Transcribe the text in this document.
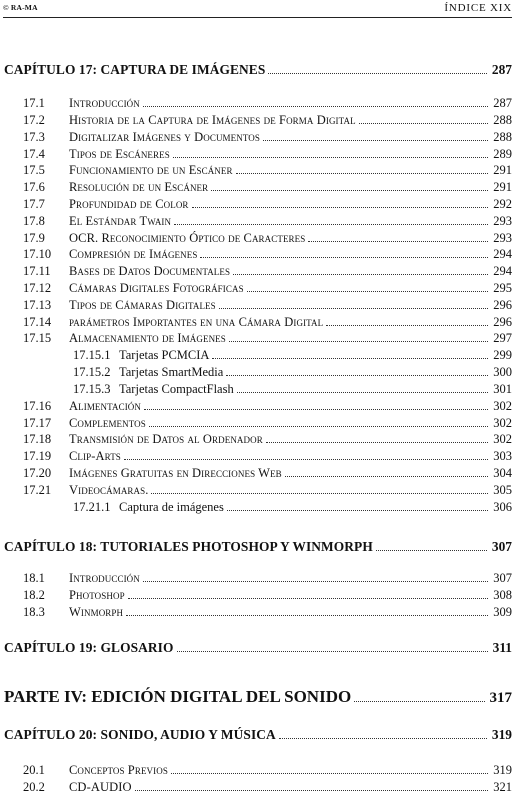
© RA-MA	ÍNDICE XIX
CAPÍTULO 17: CAPTURA DE IMÁGENES	287
17.1	Introducción	287
17.2	Historia de la Captura de Imágenes de Forma Digital	288
17.3	Digitalizar Imágenes y Documentos	288
17.4	Tipos de Escáneres	289
17.5	Funcionamiento de un Escáner	291
17.6	Resolución de un Escáner	291
17.7	Profundidad de Color	292
17.8	El Estándar Twain	293
17.9	OCR. Reconocimiento Óptico de Caracteres	293
17.10	Compresión de Imágenes	294
17.11	Bases de Datos Documentales	294
17.12	Cámaras Digitales Fotográficas	295
17.13	Tipos de Cámaras Digitales	296
17.14	parámetros Importantes en una Cámara Digital	296
17.15	Almacenamiento de Imágenes	297
17.15.1 Tarjetas PCMCIA	299
17.15.2 Tarjetas SmartMedia	300
17.15.3 Tarjetas CompactFlash	301
17.16	Alimentación	302
17.17	Complementos	302
17.18	Transmisión de Datos al Ordenador	302
17.19	Clip-Arts	303
17.20	Imágenes Gratuitas en Direcciones Web	304
17.21	Videocámaras.	305
17.21.1 Captura de imágenes	306
CAPÍTULO 18: TUTORIALES PHOTOSHOP Y WINMORPH	307
18.1	Introducción	307
18.2	Photoshop	308
18.3	Winmorph	309
CAPÍTULO 19: GLOSARIO	311
PARTE IV: EDICIÓN DIGITAL DEL SONIDO	317
CAPÍTULO 20: SONIDO, AUDIO Y MÚSICA	319
20.1	Conceptos Previos	319
20.2	CD-AUDIO	321
